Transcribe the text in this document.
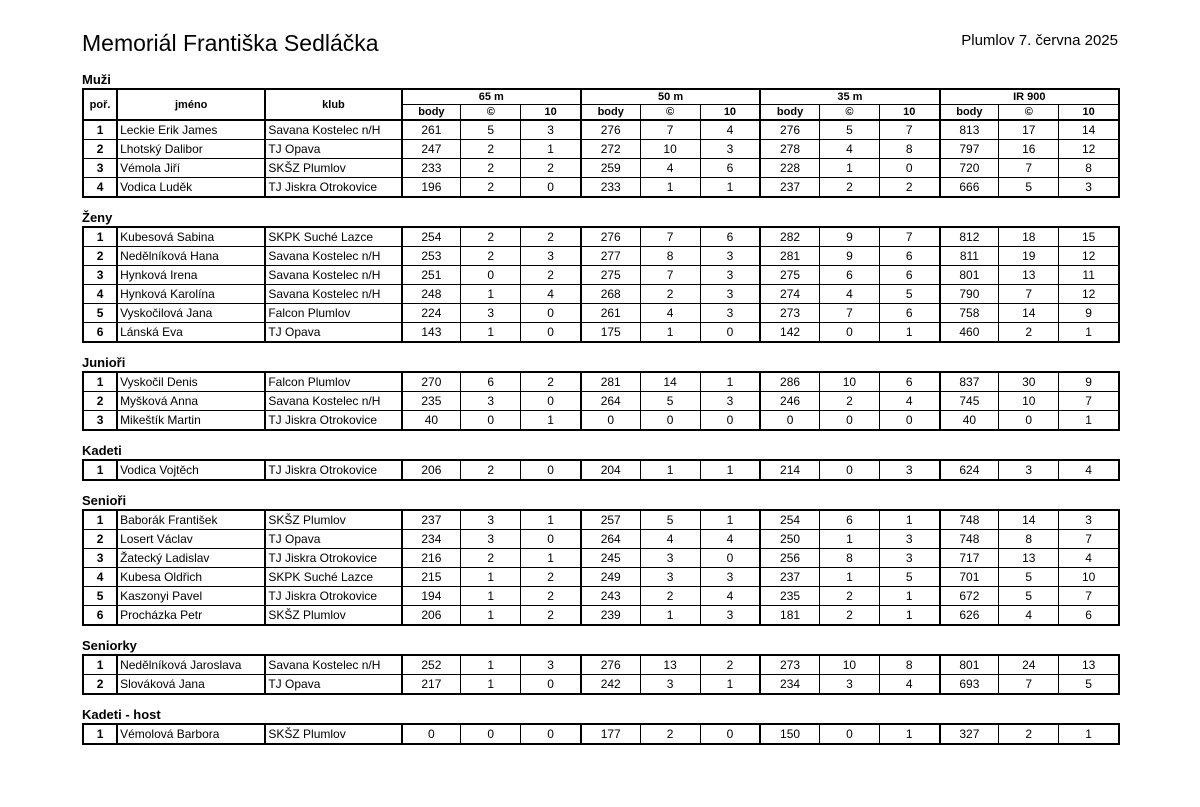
Memoriál Františka Sedláčka	Plumlov 7. června 2025
Muži
poř.	jméno	klub	65 m			50 m			35 m			IR 900		
			body	©	10	body	©	10	body	©	10	body	©	10
1	Leckie Erik James	Savana Kostelec n/H	261	5	3	276	7	4	276	5	7	813	17	14
2	Lhotský Dalibor	TJ Opava	247	2	1	272	10	3	278	4	8	797	16	12
3	Vémola Jiří	SKŠZ Plumlov	233	2	2	259	4	6	228	1	0	720	7	8
4	Vodica Luděk	TJ Jiskra Otrokovice	196	2	0	233	1	1	237	2	2	666	5	3
Ženy
1	Kubesová Sabina	SKPK Suché Lazce	254	2	2	276	7	6	282	9	7	812	18	15
2	Nedělníková Hana	Savana Kostelec n/H	253	2	3	277	8	3	281	9	6	811	19	12
3	Hynková Irena	Savana Kostelec n/H	251	0	2	275	7	3	275	6	6	801	13	11
4	Hynková Karolína	Savana Kostelec n/H	248	1	4	268	2	3	274	4	5	790	7	12
5	Vyskočilová Jana	Falcon Plumlov	224	3	0	261	4	3	273	7	6	758	14	9
6	Lánská Eva	TJ Opava	143	1	0	175	1	0	142	0	1	460	2	1
Junioři
1	Vyskočil Denis	Falcon Plumlov	270	6	2	281	14	1	286	10	6	837	30	9
2	Myšková Anna	Savana Kostelec n/H	235	3	0	264	5	3	246	2	4	745	10	7
3	Mikeštík Martin	TJ Jiskra Otrokovice	40	0	1	0	0	0	0	0	0	40	0	1
Kadeti
1	Vodica Vojtěch	TJ Jiskra Otrokovice	206	2	0	204	1	1	214	0	3	624	3	4
Senioři
1	Baborák František	SKŠZ Plumlov	237	3	1	257	5	1	254	6	1	748	14	3
2	Losert Václav	TJ Opava	234	3	0	264	4	4	250	1	3	748	8	7
3	Žatecký Ladislav	TJ Jiskra Otrokovice	216	2	1	245	3	0	256	8	3	717	13	4
4	Kubesa Oldřich	SKPK Suché Lazce	215	1	2	249	3	3	237	1	5	701	5	10
5	Kaszonyi Pavel	TJ Jiskra Otrokovice	194	1	2	243	2	4	235	2	1	672	5	7
6	Procházka Petr	SKŠZ Plumlov	206	1	2	239	1	3	181	2	1	626	4	6
Seniorky
1	Nedělníková Jaroslava	Savana Kostelec n/H	252	1	3	276	13	2	273	10	8	801	24	13
2	Slováková Jana	TJ Opava	217	1	0	242	3	1	234	3	4	693	7	5
Kadeti - host
1	Vémolová Barbora	SKŠZ Plumlov	0	0	0	177	2	0	150	0	1	327	2	1
